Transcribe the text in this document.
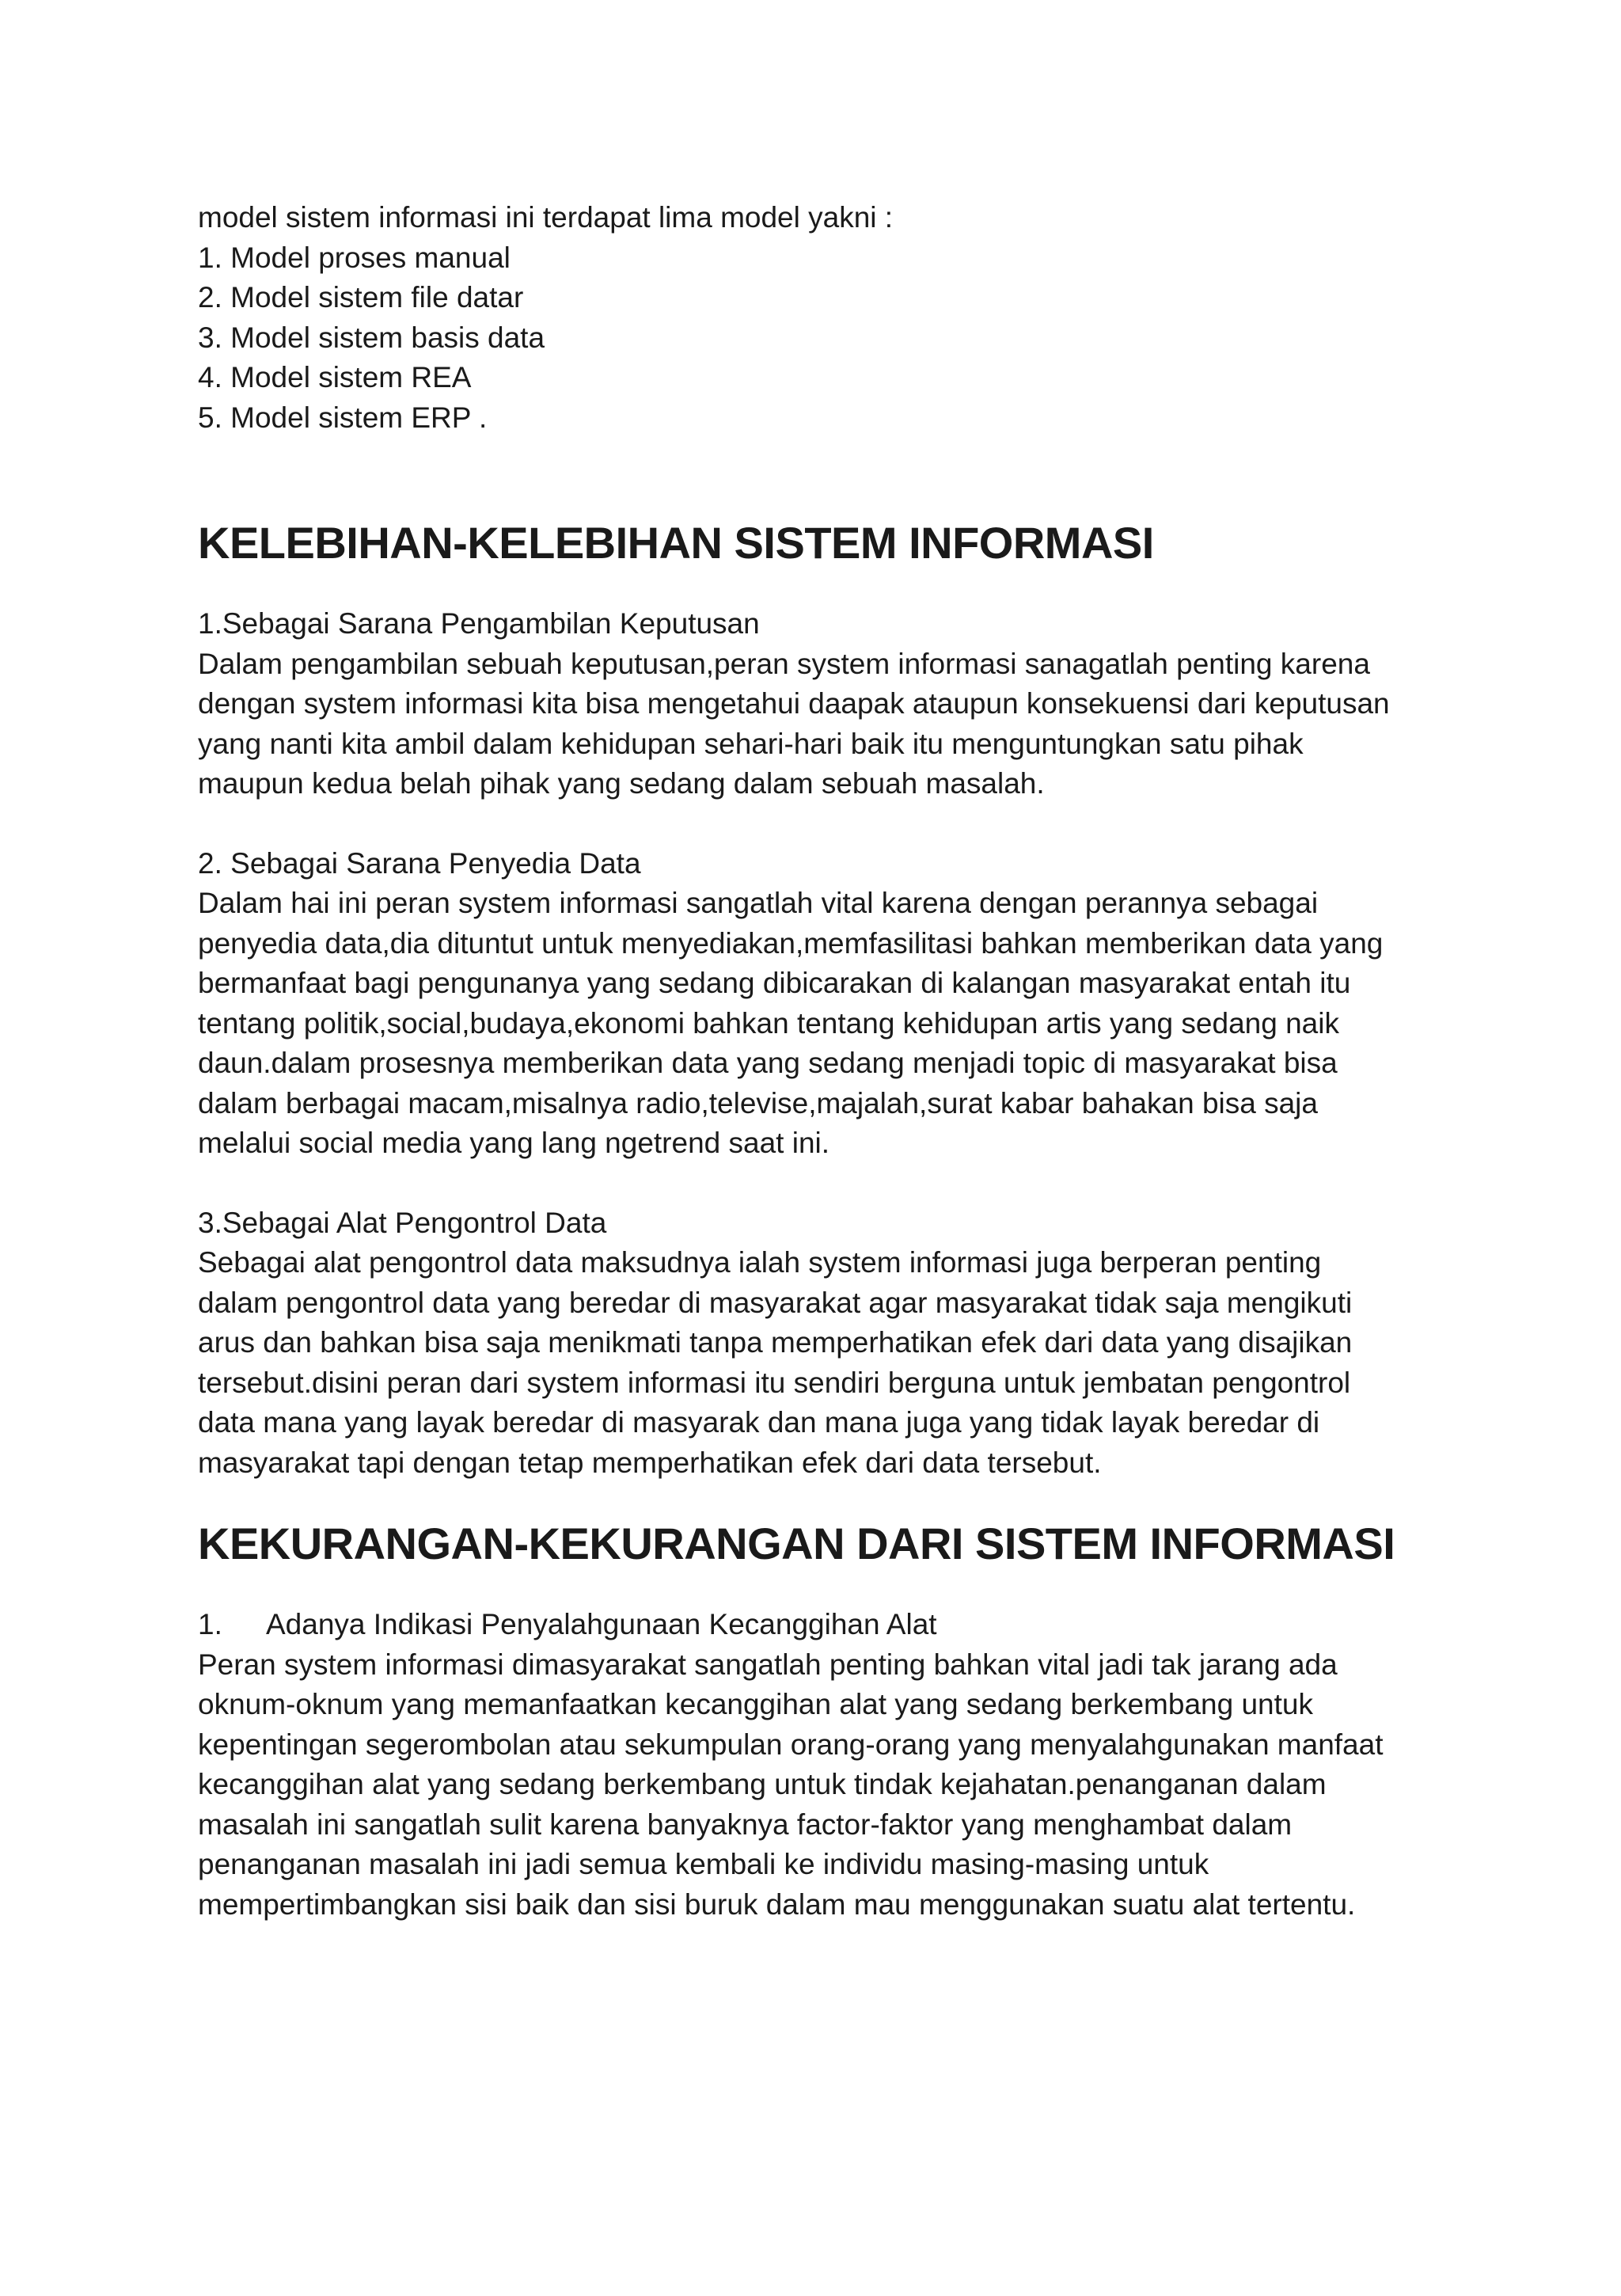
model sistem informasi ini terdapat lima model yakni :

1. Model proses manual

2. Model sistem file datar

3. Model sistem basis data

4. Model sistem REA

5. Model sistem ERP .

KELEBIHAN-KELEBIHAN SISTEM INFORMASI

1.Sebagai Sarana Pengambilan Keputusan

Dalam pengambilan sebuah keputusan,peran system informasi sanagatlah penting karena

dengan system informasi kita bisa mengetahui daapak ataupun konsekuensi dari keputusan

yang nanti kita ambil dalam kehidupan sehari-hari baik itu menguntungkan satu pihak

maupun kedua belah pihak yang sedang dalam sebuah masalah.

2. Sebagai Sarana Penyedia Data

Dalam hai ini peran system informasi sangatlah vital karena dengan perannya sebagai

penyedia data,dia dituntut untuk menyediakan,memfasilitasi bahkan memberikan data yang

bermanfaat bagi pengunanya yang sedang dibicarakan di kalangan masyarakat entah itu

tentang politik,social,budaya,ekonomi bahkan tentang kehidupan artis yang sedang naik

daun.dalam prosesnya memberikan data yang sedang menjadi topic di masyarakat bisa

dalam berbagai macam,misalnya radio,televise,majalah,surat kabar bahakan bisa saja

melalui social media yang lang ngetrend saat ini.

3.Sebagai Alat Pengontrol Data

Sebagai alat pengontrol data maksudnya ialah system informasi juga berperan penting

dalam pengontrol data yang beredar di masyarakat agar masyarakat tidak saja mengikuti

arus dan bahkan bisa saja menikmati tanpa memperhatikan efek dari data yang disajikan

tersebut.disini peran dari system informasi itu sendiri berguna untuk jembatan pengontrol

data mana yang layak beredar di masyarak dan mana juga yang tidak layak beredar di

masyarakat tapi dengan tetap memperhatikan efek dari data tersebut.

KEKURANGAN-KEKURANGAN DARI SISTEM INFORMASI

1. Adanya Indikasi Penyalahgunaan Kecanggihan Alat

Peran system informasi dimasyarakat sangatlah penting bahkan vital jadi tak jarang ada

oknum-oknum yang memanfaatkan kecanggihan alat yang sedang berkembang untuk

kepentingan segerombolan atau sekumpulan orang-orang yang menyalahgunakan manfaat

kecanggihan alat yang sedang berkembang untuk tindak kejahatan.penanganan dalam

masalah ini sangatlah sulit karena banyaknya factor-faktor yang menghambat dalam

penanganan masalah ini jadi semua kembali ke individu masing-masing untuk

mempertimbangkan sisi baik dan sisi buruk dalam mau menggunakan suatu alat tertentu.
